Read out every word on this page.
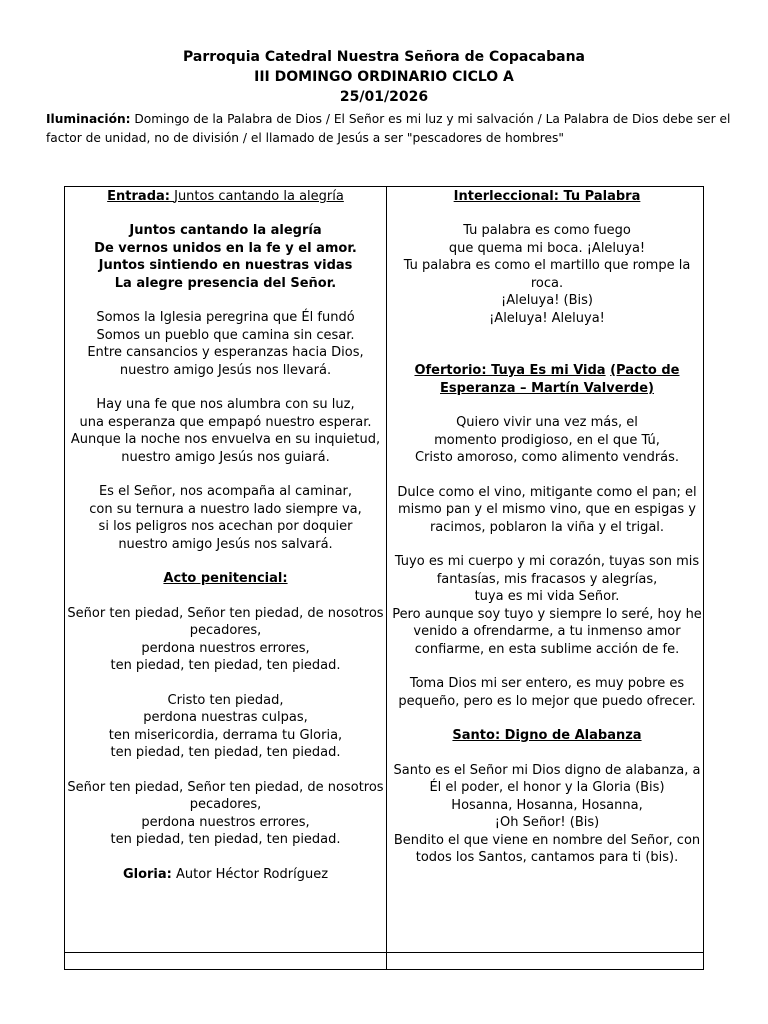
Parroquia Catedral Nuestra Señora de Copacabana
III DOMINGO ORDINARIO CICLO A
25/01/2026
Iluminación: Domingo de la Palabra de Dios / El Señor es mi luz y mi salvación / La Palabra de Dios debe ser el factor de unidad, no de división / el llamado de Jesús a ser "pescadores de hombres"

Entrada: Juntos cantando la alegría

Juntos cantando la alegría

De vernos unidos en la fe y el amor.

Juntos sintiendo en nuestras vidas

La alegre presencia del Señor.

Somos la Iglesia peregrina que Él fundó

Somos un pueblo que camina sin cesar.

Entre cansancios y esperanzas hacia Dios,

nuestro amigo Jesús nos llevará.

Hay una fe que nos alumbra con su luz,

una esperanza que empapó nuestro esperar.

Aunque la noche nos envuelva en su inquietud,

nuestro amigo Jesús nos guiará.

Es el Señor, nos acompaña al caminar,

con su ternura a nuestro lado siempre va,

si los peligros nos acechan por doquier

nuestro amigo Jesús nos salvará.

Acto penitencial:

Señor ten piedad, Señor ten piedad, de nosotros

pecadores,

perdona nuestros errores,

ten piedad, ten piedad, ten piedad.

Cristo ten piedad,

perdona nuestras culpas,

ten misericordia, derrama tu Gloria,

ten piedad, ten piedad, ten piedad.

Señor ten piedad, Señor ten piedad, de nosotros

pecadores,

perdona nuestros errores,

ten piedad, ten piedad, ten piedad.

Gloria: Autor Héctor Rodríguez

Interleccional: Tu Palabra

Tu palabra es como fuego

que quema mi boca. ¡Aleluya!

Tu palabra es como el martillo que rompe la roca.

¡Aleluya! (Bis)

¡Aleluya! Aleluya!

Ofertorio: Tuya Es mi Vida (Pacto de

Esperanza – Martín Valverde)

Quiero vivir una vez más, el

momento prodigioso, en el que Tú,

Cristo amoroso, como alimento vendrás.

Dulce como el vino, mitigante como el pan; el

mismo pan y el mismo vino, que en espigas y

racimos, poblaron la viña y el trigal.

Tuyo es mi cuerpo y mi corazón, tuyas son mis

fantasías, mis fracasos y alegrías,

tuya es mi vida Señor.

Pero aunque soy tuyo y siempre lo seré, hoy he

venido a ofrendarme, a tu inmenso amor

confiarme, en esta sublime acción de fe.

Toma Dios mi ser entero, es muy pobre es

pequeño, pero es lo mejor que puedo ofrecer.

Santo: Digno de Alabanza

Santo es el Señor mi Dios digno de alabanza, a

Él el poder, el honor y la Gloria (Bis)

Hosanna, Hosanna, Hosanna,

¡Oh Señor! (Bis)

Bendito el que viene en nombre del Señor, con

todos los Santos, cantamos para ti (bis).
